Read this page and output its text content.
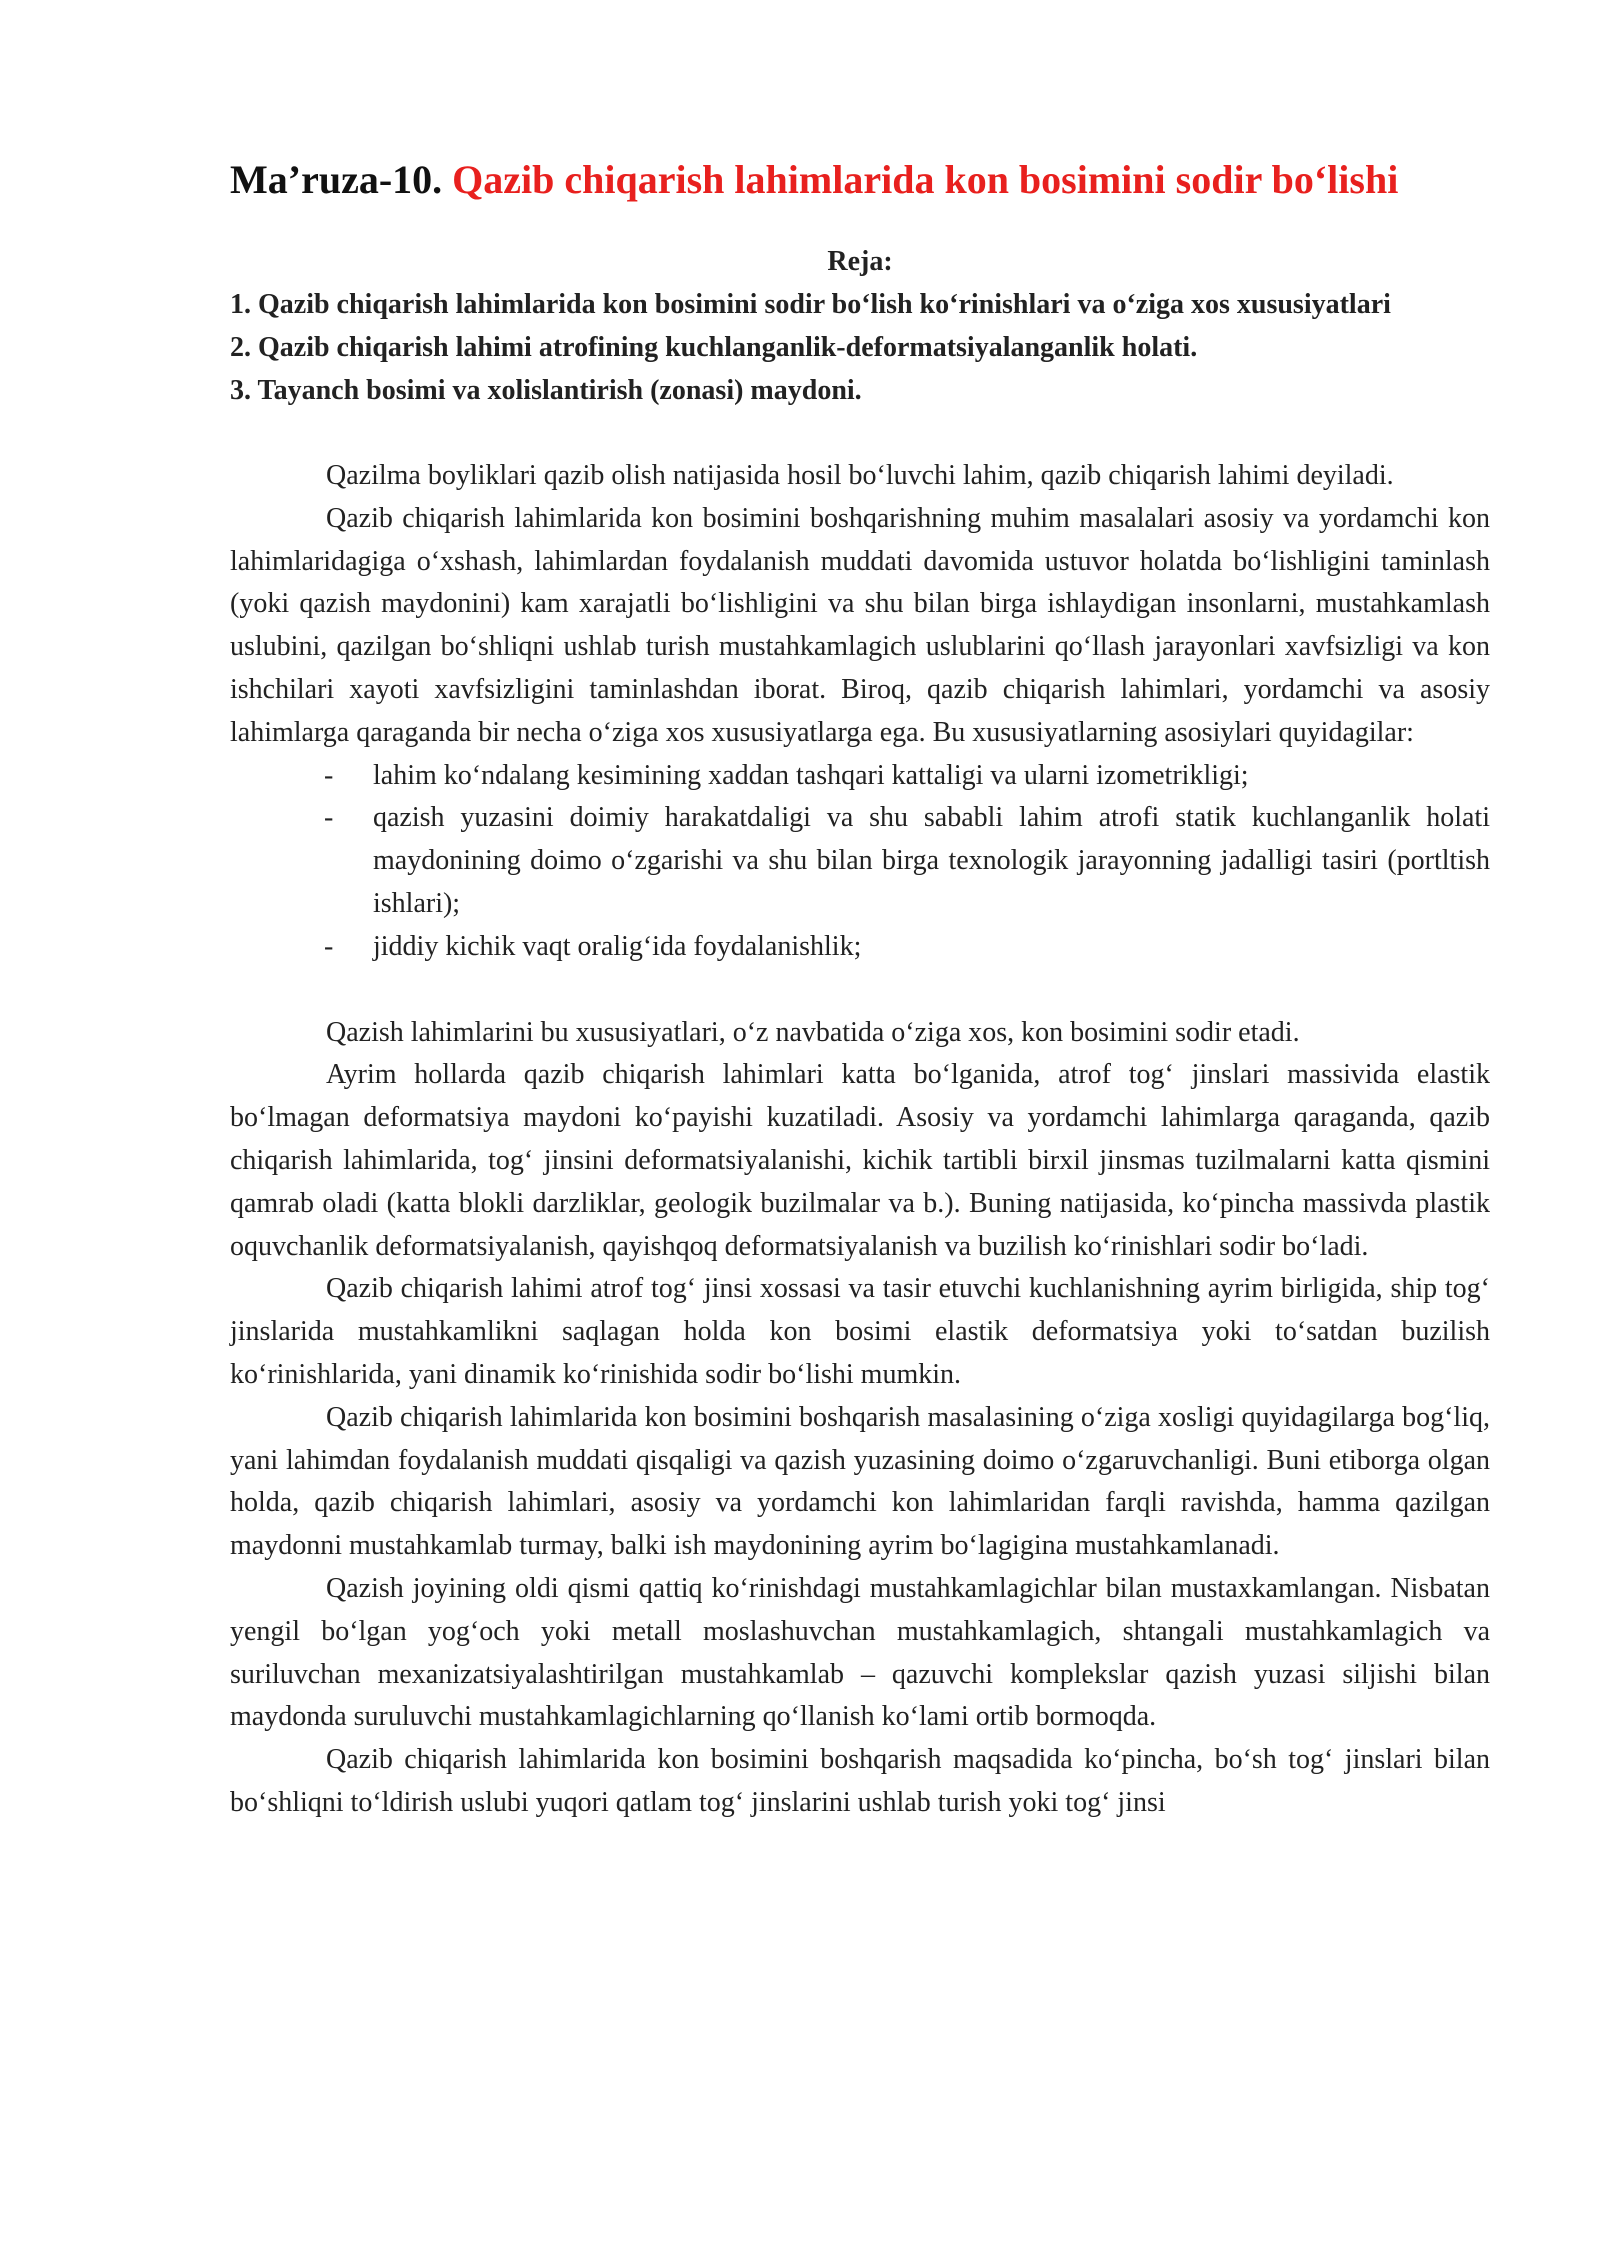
Ma’ruza-10. Qazib chiqarish lahimlarida kon bosimini sodir bo‘lishi
Reja:
1. Qazib chiqarish lahimlarida kon bosimini sodir bo‘lish ko‘rinishlari va o‘ziga xos xususiyatlari
2. Qazib chiqarish lahimi atrofining kuchlanganlik-deformatsiyalanganlik holati.
3. Tayanch bosimi va xolislantirish (zonasi) maydoni.

Qazilma boyliklari qazib olish natijasida hosil bo‘luvchi lahim, qazib chiqarish lahimi deyiladi.

Qazib chiqarish lahimlarida kon bosimini boshqarishning muhim masalalari asosiy va yordamchi kon lahimlaridagiga o‘xshash, lahimlardan foydalanish muddati davomida ustuvor holatda bo‘lishligini taminlash (yoki qazish maydonini) kam xarajatli bo‘lishligini va shu bilan birga ishlaydigan insonlarni, mustahkamlash uslubini, qazilgan bo‘shliqni ushlab turish mustahkamlagich uslublarini qo‘llash jarayonlari xavfsizligi va kon ishchilari xayoti xavfsizligini taminlashdan iborat. Biroq, qazib chiqarish lahimlari, yordamchi va asosiy lahimlarga qaraganda bir necha o‘ziga xos xususiyatlarga ega. Bu xususiyatlarning asosiylari quyidagilar:

- lahim ko‘ndalang kesimining xaddan tashqari kattaligi va ularni izometrikligi;
- qazish yuzasini doimiy harakatdaligi va shu sababli lahim atrofi statik kuchlanganlik holati maydonining doimo o‘zgarishi va shu bilan birga texnologik jarayonning jadalligi tasiri (portltish ishlari);
- jiddiy kichik vaqt oralig‘ida foydalanishlik;

Qazish lahimlarini bu xususiyatlari, o‘z navbatida o‘ziga xos, kon bosimini sodir etadi.

Ayrim hollarda qazib chiqarish lahimlari katta bo‘lganida, atrof tog‘ jinslari massivida elastik bo‘lmagan deformatsiya maydoni ko‘payishi kuzatiladi. Asosiy va yordamchi lahimlarga qaraganda, qazib chiqarish lahimlarida, tog‘ jinsini deformatsiyalanishi, kichik tartibli birxil jinsmas tuzilmalarni katta qismini qamrab oladi (katta blokli darzliklar, geologik buzilmalar va b.). Buning natijasida, ko‘pincha massivda plastik oquvchanlik deformatsiyalanish, qayishqoq deformatsiyalanish va buzilish ko‘rinishlari sodir bo‘ladi.

Qazib chiqarish lahimi atrof tog‘ jinsi xossasi va tasir etuvchi kuchlanishning ayrim birligida, ship tog‘ jinslarida mustahkamlikni saqlagan holda kon bosimi elastik deformatsiya yoki to‘satdan buzilish ko‘rinishlarida, yani dinamik ko‘rinishida sodir bo‘lishi mumkin.

Qazib chiqarish lahimlarida kon bosimini boshqarish masalasining o‘ziga xosligi quyidagilarga bog‘liq, yani lahimdan foydalanish muddati qisqaligi va qazish yuzasining doimo o‘zgaruvchanligi. Buni etiborga olgan holda, qazib chiqarish lahimlari, asosiy va yordamchi kon lahimlaridan farqli ravishda, hamma qazilgan maydonni mustahkamlab turmay, balki ish maydonining ayrim bo‘lagigina mustahkamlanadi.

Qazish joyining oldi qismi qattiq ko‘rinishdagi mustahkamlagichlar bilan mustaxkamlangan. Nisbatan yengil bo‘lgan yog‘och yoki metall moslashuvchan mustahkamlagich, shtangali mustahkamlagich va suriluvchan mexanizatsiyalashtirilgan mustahkamlab – qazuvchi komplekslar qazish yuzasi siljishi bilan maydonda suruluvchi mustahkamlagichlarning qo‘llanish ko‘lami ortib bormoqda.

Qazib chiqarish lahimlarida kon bosimini boshqarish maqsadida ko‘pincha, bo‘sh tog‘ jinslari bilan bo‘shliqni to‘ldirish uslubi yuqori qatlam tog‘ jinslarini ushlab turish yoki tog‘ jinsi
